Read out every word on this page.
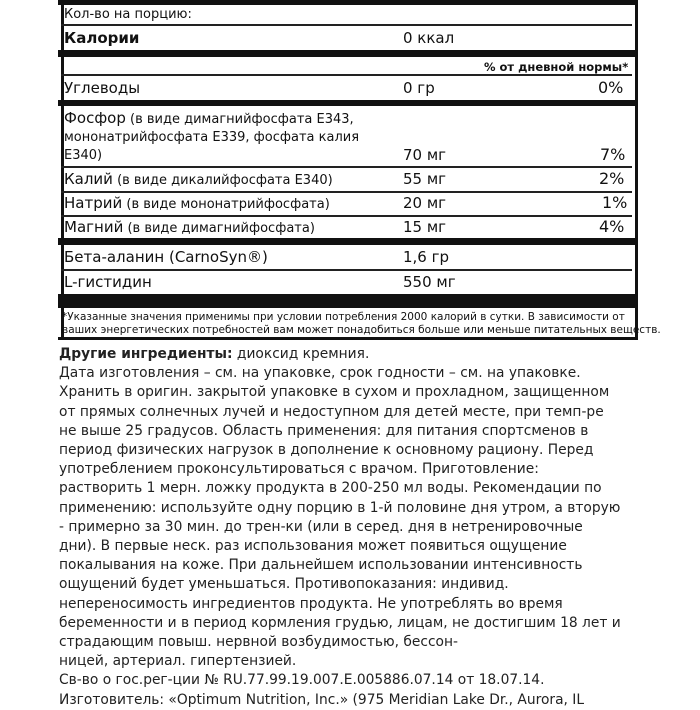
Кол-во на порцию:
Калории	0 ккал
% от дневной нормы*
Углеводы	0 гр	0%
Фосфор (в виде димагнийфосфата Е343,
мононатрийфосфата Е339, фосфата калия
Е340)	70 мг	7%
Калий (в виде дикалийфосфата Е340)	55 мг	2%
Натрий (в виде мононатрийфосфата)	20 мг	1%
Магний (в виде димагнийфосфата)	15 мг	4%
Бета-аланин (CarnoSyn®)	1,6 гр
L-гистидин	550 мг
*Указанные значения применимы при условии потребления 2000 калорий в сутки. В зависимости от
ваших энергетических потребностей вам может понадобиться больше или меньше питательных веществ.

Другие ингредиенты: диоксид кремния.

Дата изготовления – см. на упаковке, срок годности – см. на упаковке.

Хранить в оригин. закрытой упаковке в сухом и прохладном, защищенном

от прямых солнечных лучей и недоступном для детей месте, при темп-ре

не выше 25 градусов. Область применения: для питания спортсменов в

период физических нагрузок в дополнение к основному рациону. Перед

употреблением проконсультироваться с врачом. Приготовление:

растворить 1 мерн. ложку продукта в 200-250 мл воды. Рекомендации по

применению: используйте одну порцию в 1-й половине дня утром, а вторую

- примерно за 30 мин. до трен-ки (или в серед. дня в нетренировочные

дни). В первые неск. раз использования может появиться ощущение

покалывания на коже. При дальнейшем использовании интенсивность

ощущений будет уменьшаться. Противопоказания: индивид.

непереносимость ингредиентов продукта. Не употреблять во время

беременности и в период кормления грудью, лицам, не достигшим 18 лет и

страдающим повыш. нервной возбудимостью, бессон-

ницей, артериал. гипертензией.

Св-во о гос.рег-ции № RU.77.99.19.007.Е.005886.07.14 от 18.07.14.

Изготовитель: «Optimum Nutrition, Inc.» (975 Meridian Lake Dr., Aurora, IL
